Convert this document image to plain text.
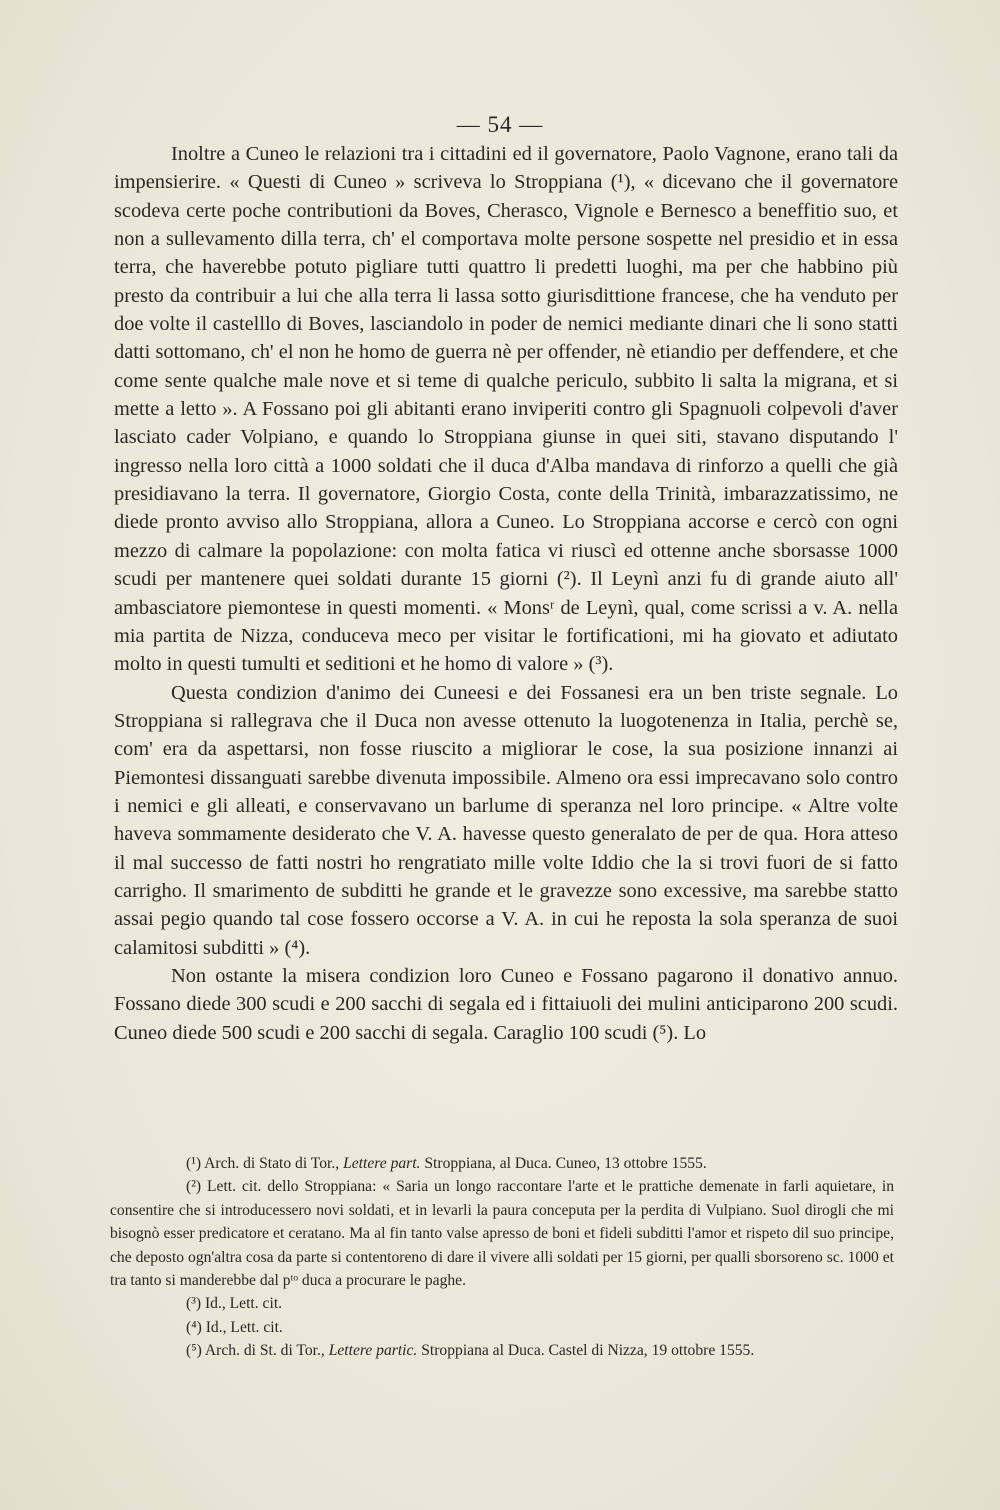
— 54 —

Inoltre a Cuneo le relazioni tra i cittadini ed il governatore, Paolo Vagnone, erano tali da impensierire. « Questi di Cuneo » scriveva lo Stroppiana (¹), « dicevano che il governatore scodeva certe poche contributioni da Boves, Cherasco, Vignole e Bernesco a beneffitio suo, et non a sullevamento dilla terra, ch' el comportava molte persone sospette nel presidio et in essa terra, che haverebbe potuto pigliare tutti quattro li predetti luoghi, ma per che habbino più presto da contribuir a lui che alla terra li lassa sotto giurisdittione francese, che ha venduto per doe volte il castelllo di Boves, lasciandolo in poder de nemici mediante dinari che li sono statti datti sottomano, ch' el non he homo de guerra nè per offender, nè etiandio per deffendere, et che come sente qualche male nove et si teme di qualche periculo, subbito li salta la migrana, et si mette a letto ». A Fossano poi gli abitanti erano inviperiti contro gli Spagnuoli colpevoli d'aver lasciato cader Volpiano, e quando lo Stroppiana giunse in quei siti, stavano disputando l' ingresso nella loro città a 1000 soldati che il duca d'Alba mandava di rinforzo a quelli che già presidiavano la terra. Il governatore, Giorgio Costa, conte della Trinità, imbarazzatissimo, ne diede pronto avviso allo Stroppiana, allora a Cuneo. Lo Stroppiana accorse e cercò con ogni mezzo di calmare la popolazione: con molta fatica vi riuscì ed ottenne anche sborsasse 1000 scudi per mantenere quei soldati durante 15 giorni (²). Il Leynì anzi fu di grande aiuto all' ambasciatore piemontese in questi momenti. « Monsʳ de Leynì, qual, come scrissi a v. A. nella mia partita de Nizza, conduceva meco per visitar le fortificationi, mi ha giovato et adiutato molto in questi tumulti et seditioni et he homo di valore » (³).

Questa condizion d'animo dei Cuneesi e dei Fossanesi era un ben triste segnale. Lo Stroppiana si rallegrava che il Duca non avesse ottenuto la luogotenenza in Italia, perchè se, com' era da aspettarsi, non fosse riuscito a migliorar le cose, la sua posizione innanzi ai Piemontesi dissanguati sarebbe divenuta impossibile. Almeno ora essi imprecavano solo contro i nemici e gli alleati, e conservavano un barlume di speranza nel loro principe. « Altre volte haveva sommamente desiderato che V. A. havesse questo generalato de per de qua. Hora atteso il mal successo de fatti nostri ho rengratiato mille volte Iddio che la si trovi fuori de si fatto carrigho. Il smarimento de subditti he grande et le gravezze sono excessive, ma sarebbe statto assai pegio quando tal cose fossero occorse a V. A. in cui he reposta la sola speranza de suoi calamitosi subditti » (⁴).

Non ostante la misera condizion loro Cuneo e Fossano pagarono il donativo annuo. Fossano diede 300 scudi e 200 sacchi di segala ed i fittaiuoli dei mulini anticiparono 200 scudi. Cuneo diede 500 scudi e 200 sacchi di segala. Caraglio 100 scudi (⁵). Lo

(¹) Arch. di Stato di Tor., Lettere part. Stroppiana, al Duca. Cuneo, 13 ottobre 1555.

(²) Lett. cit. dello Stroppiana: « Saria un longo raccontare l'arte et le prattiche demenate in farli aquietare, in consentire che si introducessero novi soldati, et in levarli la paura conceputa per la perdita di Vulpiano. Suol dirogli che mi bisognò esser predicatore et ceratano. Ma al fin tanto valse apresso de boni et fideli subditti l'amor et rispeto dil suo principe, che deposto ogn'altra cosa da parte si contentoreno di dare il vivere alli soldati per 15 giorni, per qualli sborsoreno sc. 1000 et tra tanto si manderebbe dal pᵗᵒ duca a procurare le paghe.

(³) Id., Lett. cit.

(⁴) Id., Lett. cit.

(⁵) Arch. di St. di Tor., Lettere partic. Stroppiana al Duca. Castel di Nizza, 19 ottobre 1555.
